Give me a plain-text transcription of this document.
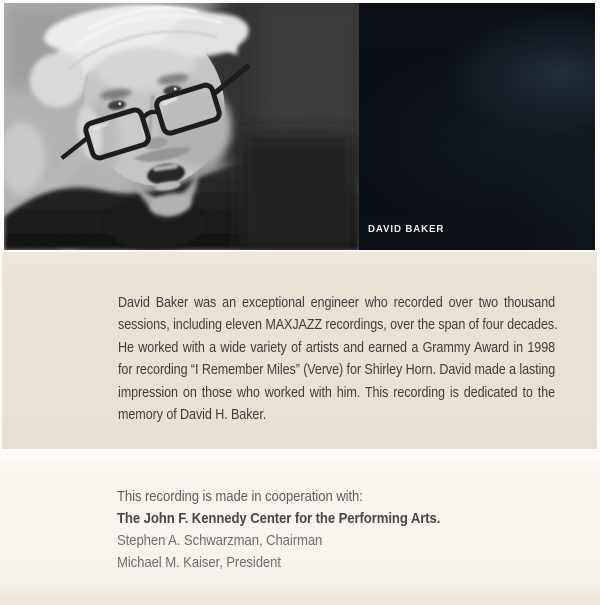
DAVID BAKER
David Baker was an exceptional engineer who recorded over two thousand
sessions, including eleven MAXJAZZ recordings, over the span of four decades.
He worked with a wide variety of artists and earned a Grammy Award in 1998
for recording “I Remember Miles” (Verve) for Shirley Horn. David made a lasting
impression on those who worked with him. This recording is dedicated to the
memory of David H. Baker.
This recording is made in cooperation with:
The John F. Kennedy Center for the Performing Arts.
Stephen A. Schwarzman, Chairman
Michael M. Kaiser, President
